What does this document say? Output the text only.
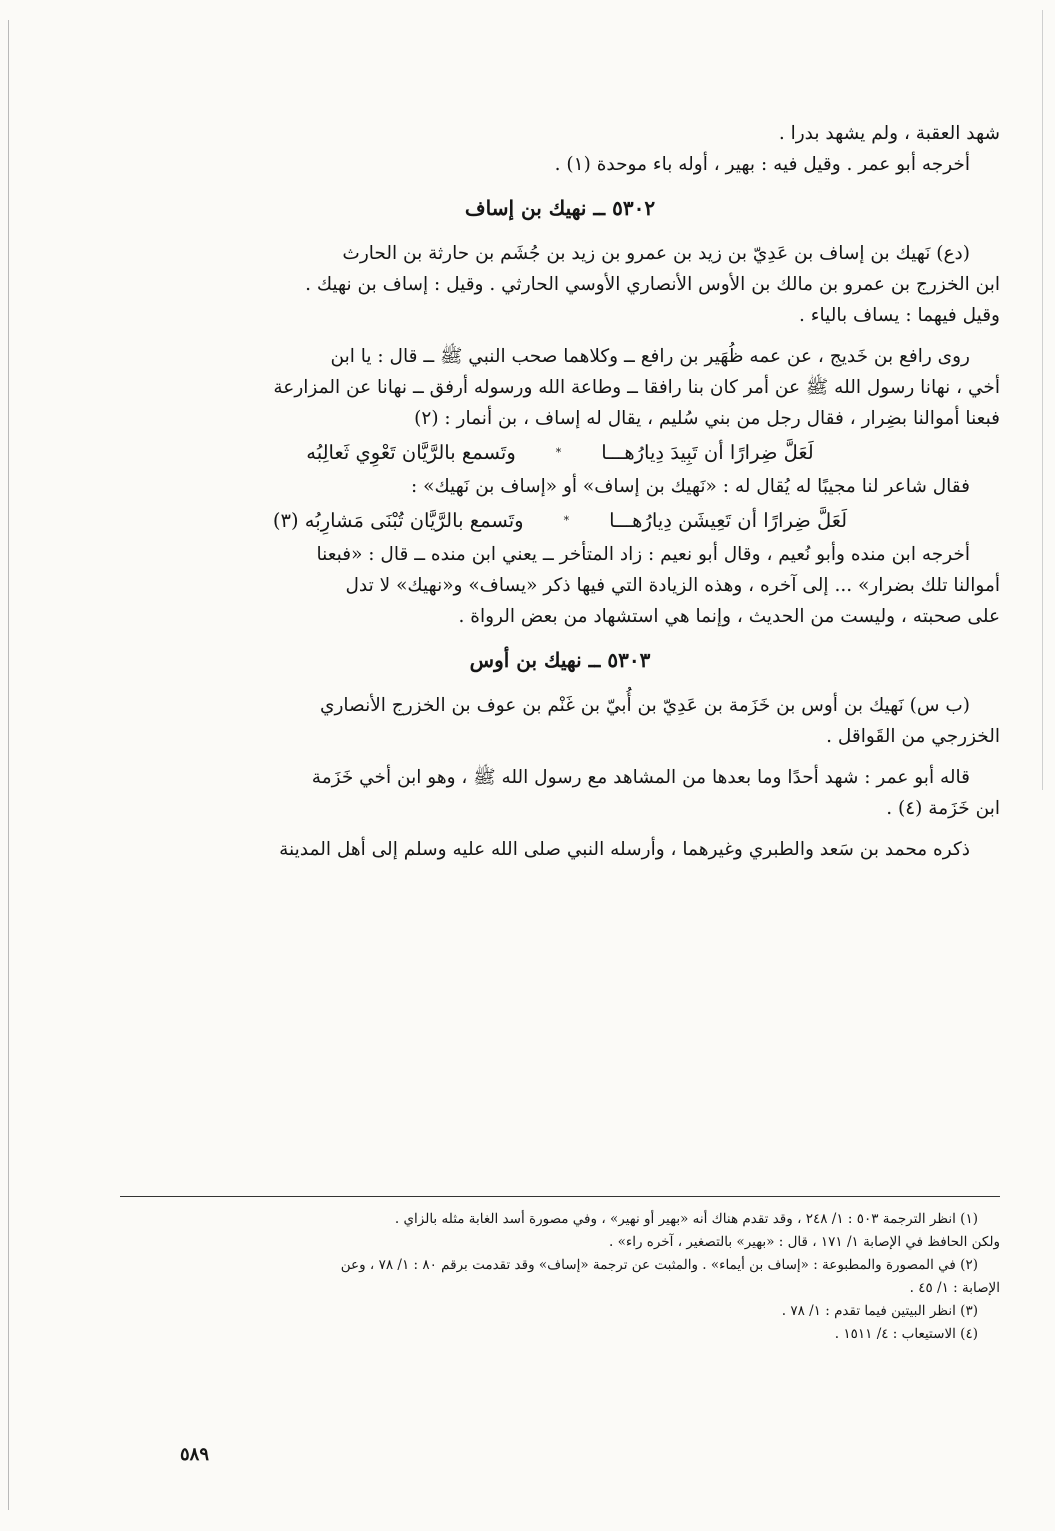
شهد العقبة ، ولم يشهد بدرا .

أخرجه أبو عمر . وقيل فيه : بهير ، أوله باء موحدة (١) .

٥٣٠٢ ــ نهيك بن إساف

(دع) نَهيك بن إساف بن عَدِيّ بن زيد بن عمرو بن زيد بن جُشَم بن حارثة بن الحارث

ابن الخزرج بن عمرو بن مالك بن الأوس الأنصاري الأوسي الحارثي . وقيل : إساف بن نهيك .

وقيل فيهما : يساف بالياء .

روى رافع بن خَديج ، عن عمه ظُهَير بن رافع ــ وكلاهما صحب النبي ﷺ ــ قال : يا ابن

أخي ، نهانا رسول الله ﷺ عن أمر كان بنا رافقا ــ وطاعة الله ورسوله أرفق ــ نهانا عن المزارعة

فبعنا أموالنا بضِرار ، فقال رجل من بني سُليم ، يقال له إساف ، بن أنمار : (٢)

لَعَلَّ ضِرارًا أن تَبِيدَ دِيارُهـــا
*
وتَسمع بالرَّيَّان تَعْوِي ثَعالِبُه

فقال شاعر لنا مجيبًا له يُقال له : «نَهيك بن إساف» أو «إساف بن نَهيك» :

لَعَلَّ ضِرارًا أن تَعِيشَن دِيارُهـــا
*
وتَسمع بالرَّيَّان تُبْنَى مَشارِبُه (٣)

أخرجه ابن منده وأبو نُعيم ، وقال أبو نعيم : زاد المتأخر ــ يعني ابن منده ــ قال : «فبعنا

أموالنا تلك بضرار» ... إلى آخره ، وهذه الزيادة التي فيها ذكر «يساف» و«نهيك» لا تدل

على صحبته ، وليست من الحديث ، وإنما هي استشهاد من بعض الرواة .

٥٣٠٣ ــ نهيك بن أوس

(ب س) نَهيك بن أوس بن خَزَمة بن عَدِيّ بن أُبيّ بن غَنْم بن عوف بن الخزرج الأنصاري

الخزرجي من القَواقل .

قاله أبو عمر : شهد أحدًا وما بعدها من المشاهد مع رسول الله ﷺ ، وهو ابن أخي خَزَمة

ابن خَزَمة (٤) .

ذكره محمد بن سَعد والطبري وغيرهما ، وأرسله النبي صلى الله عليه وسلم إلى أهل المدينة

(١) انظر الترجمة ٥٠٣ : ١/ ٢٤٨ ، وقد تقدم هناك أنه «بهير أو نهير» ، وفي مصورة أسد الغابة مثله بالزاي .

ولكن الحافظ في الإصابة ١/ ١٧١ ، قال : «بهير» بالتصغير ، آخره راء» .

(٢) في المصورة والمطبوعة : «إساف بن أيماء» . والمثبت عن ترجمة «إساف» وقد تقدمت برقم ٨٠ : ١/ ٧٨ ، وعن

الإصابة : ١/ ٤٥ .

(٣) انظر البيتين فيما تقدم : ١/ ٧٨ .

(٤) الاستيعاب : ٤/ ١٥١١ .

٥٨٩
